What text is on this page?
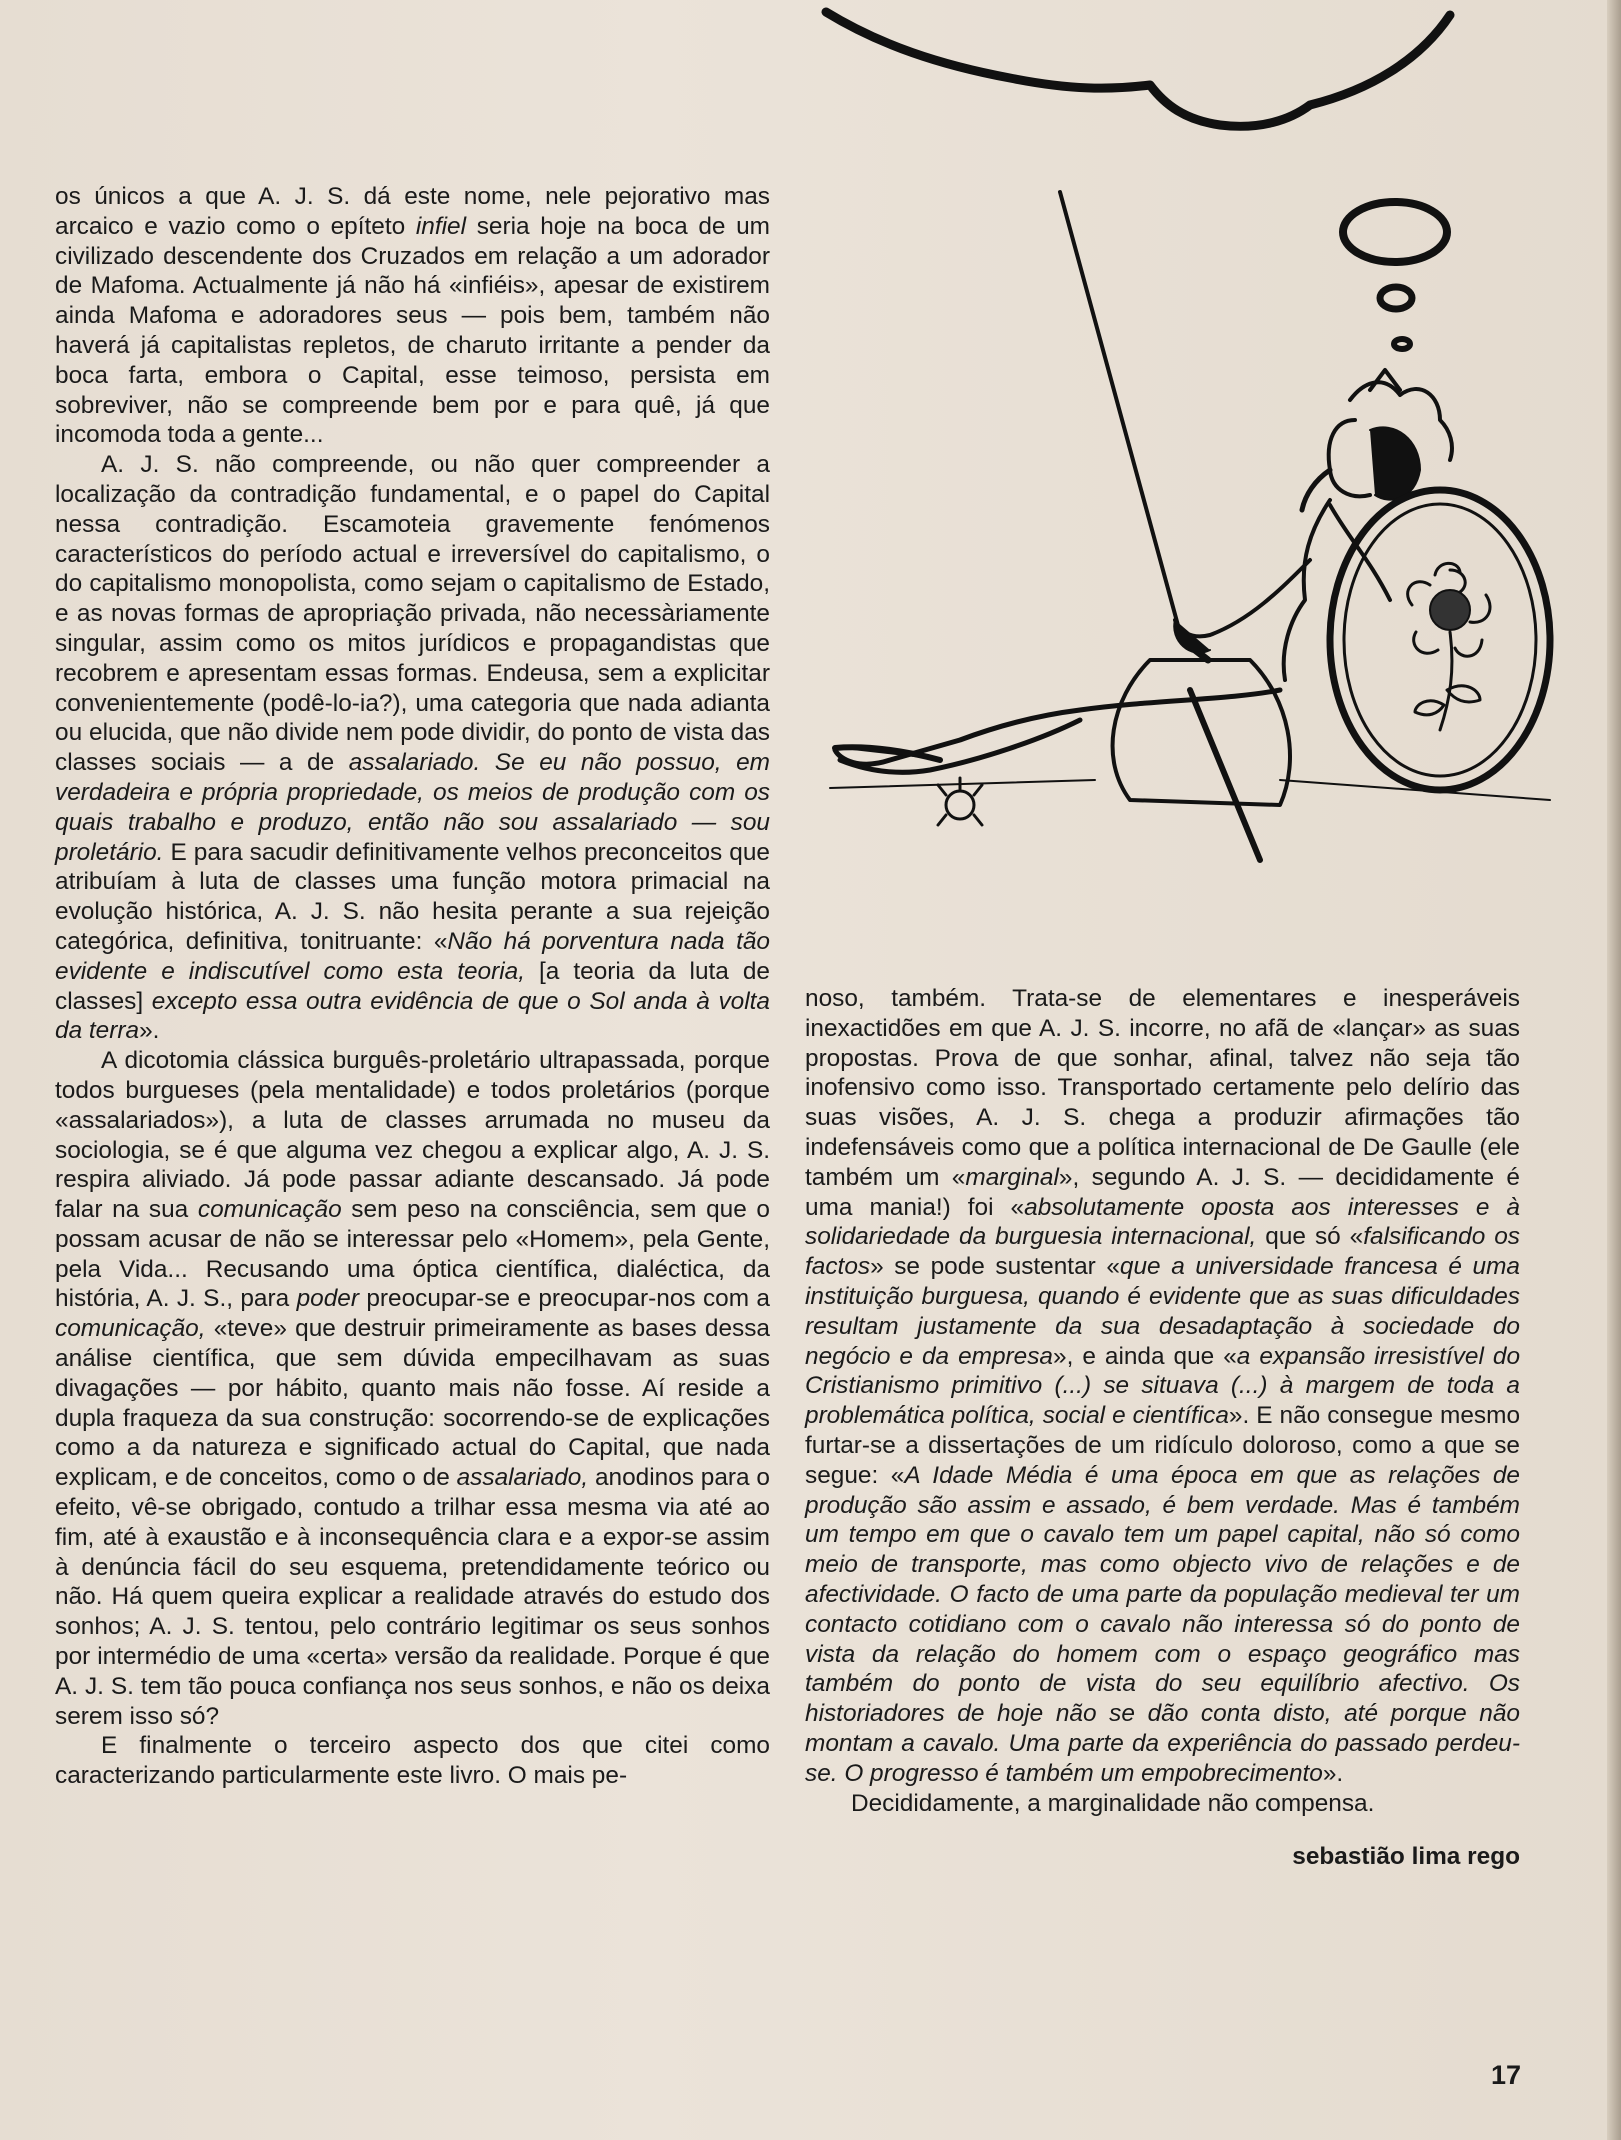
os únicos a que A. J. S. dá este nome, nele pejorativo mas arcaico e vazio como o epíteto infiel seria hoje na boca de um civilizado descendente dos Cruzados em relação a um adorador de Mafoma. Actualmente já não há «infiéis», apesar de existirem ainda Mafoma e adoradores seus — pois bem, também não haverá já capitalistas repletos, de charuto irritante a pender da boca farta, embora o Capital, esse teimoso, persista em sobreviver, não se compreende bem por e para quê, já que incomoda toda a gente...

A. J. S. não compreende, ou não quer compreender a localização da contradição fundamental, e o papel do Capital nessa contradição. Escamoteia gravemente fenómenos característicos do período actual e irreversível do capitalismo, o do capitalismo monopolista, como sejam o capitalismo de Estado, e as novas formas de apropriação privada, não necessàriamente singular, assim como os mitos jurídicos e propagandistas que recobrem e apresentam essas formas. Endeusa, sem a explicitar convenientemente (podê-lo-ia?), uma categoria que nada adianta ou elucida, que não divide nem pode dividir, do ponto de vista das classes sociais — a de assalariado. Se eu não possuo, em verdadeira e própria propriedade, os meios de produção com os quais trabalho e produzo, então não sou assalariado — sou proletário. E para sacudir definitivamente velhos preconceitos que atribuíam à luta de classes uma função motora primacial na evolução histórica, A. J. S. não hesita perante a sua rejeição categórica, definitiva, tonitruante: «Não há porventura nada tão evidente e indiscutível como esta teoria, [a teoria da luta de classes] excepto essa outra evidência de que o Sol anda à volta da terra».

A dicotomia clássica burguês-proletário ultrapassada, porque todos burgueses (pela mentalidade) e todos proletários (porque «assalariados»), a luta de classes arrumada no museu da sociologia, se é que alguma vez chegou a explicar algo, A. J. S. respira aliviado. Já pode passar adiante descansado. Já pode falar na sua comunicação sem peso na consciência, sem que o possam acusar de não se interessar pelo «Homem», pela Gente, pela Vida... Recusando uma óptica científica, dialéctica, da história, A. J. S., para poder preocupar-se e preocupar-nos com a comunicação, «teve» que destruir primeiramente as bases dessa análise científica, que sem dúvida empecilhavam as suas divagações — por hábito, quanto mais não fosse. Aí reside a dupla fraqueza da sua construção: socorrendo-se de explicações como a da natureza e significado actual do Capital, que nada explicam, e de conceitos, como o de assalariado, anodinos para o efeito, vê-se obrigado, contudo a trilhar essa mesma via até ao fim, até à exaustão e à inconsequência clara e a expor-se assim à denúncia fácil do seu esquema, pretendidamente teórico ou não. Há quem queira explicar a realidade através do estudo dos sonhos; A. J. S. tentou, pelo contrário legitimar os seus sonhos por intermédio de uma «certa» versão da realidade. Porque é que A. J. S. tem tão pouca confiança nos seus sonhos, e não os deixa serem isso só?

E finalmente o terceiro aspecto dos que citei como caracterizando particularmente este livro. O mais pe-

noso, também. Trata-se de elementares e inesperáveis inexactidões em que A. J. S. incorre, no afã de «lançar» as suas propostas. Prova de que sonhar, afinal, talvez não seja tão inofensivo como isso. Transportado certamente pelo delírio das suas visões, A. J. S. chega a produzir afirmações tão indefensáveis como que a política internacional de De Gaulle (ele também um «marginal», segundo A. J. S. — decididamente é uma mania!) foi «absolutamente oposta aos interesses e à solidariedade da burguesia internacional, que só «falsificando os factos» se pode sustentar «que a universidade francesa é uma instituição burguesa, quando é evidente que as suas dificuldades resultam justamente da sua desadaptação à sociedade do negócio e da empresa», e ainda que «a expansão irresistível do Cristianismo primitivo (...) se situava (...) à margem de toda a problemática política, social e científica». E não consegue mesmo furtar-se a dissertações de um ridículo doloroso, como a que se segue: «A Idade Média é uma época em que as relações de produção são assim e assado, é bem verdade. Mas é também um tempo em que o cavalo tem um papel capital, não só como meio de transporte, mas como objecto vivo de relações e de afectividade. O facto de uma parte da população medieval ter um contacto cotidiano com o cavalo não interessa só do ponto de vista da relação do homem com o espaço geográfico mas também do ponto de vista do seu equilíbrio afectivo. Os historiadores de hoje não se dão conta disto, até porque não montam a cavalo. Uma parte da experiência do passado perdeu-se. O progresso é também um empobrecimento».

Decididamente, a marginalidade não compensa.

sebastião lima rego

17
